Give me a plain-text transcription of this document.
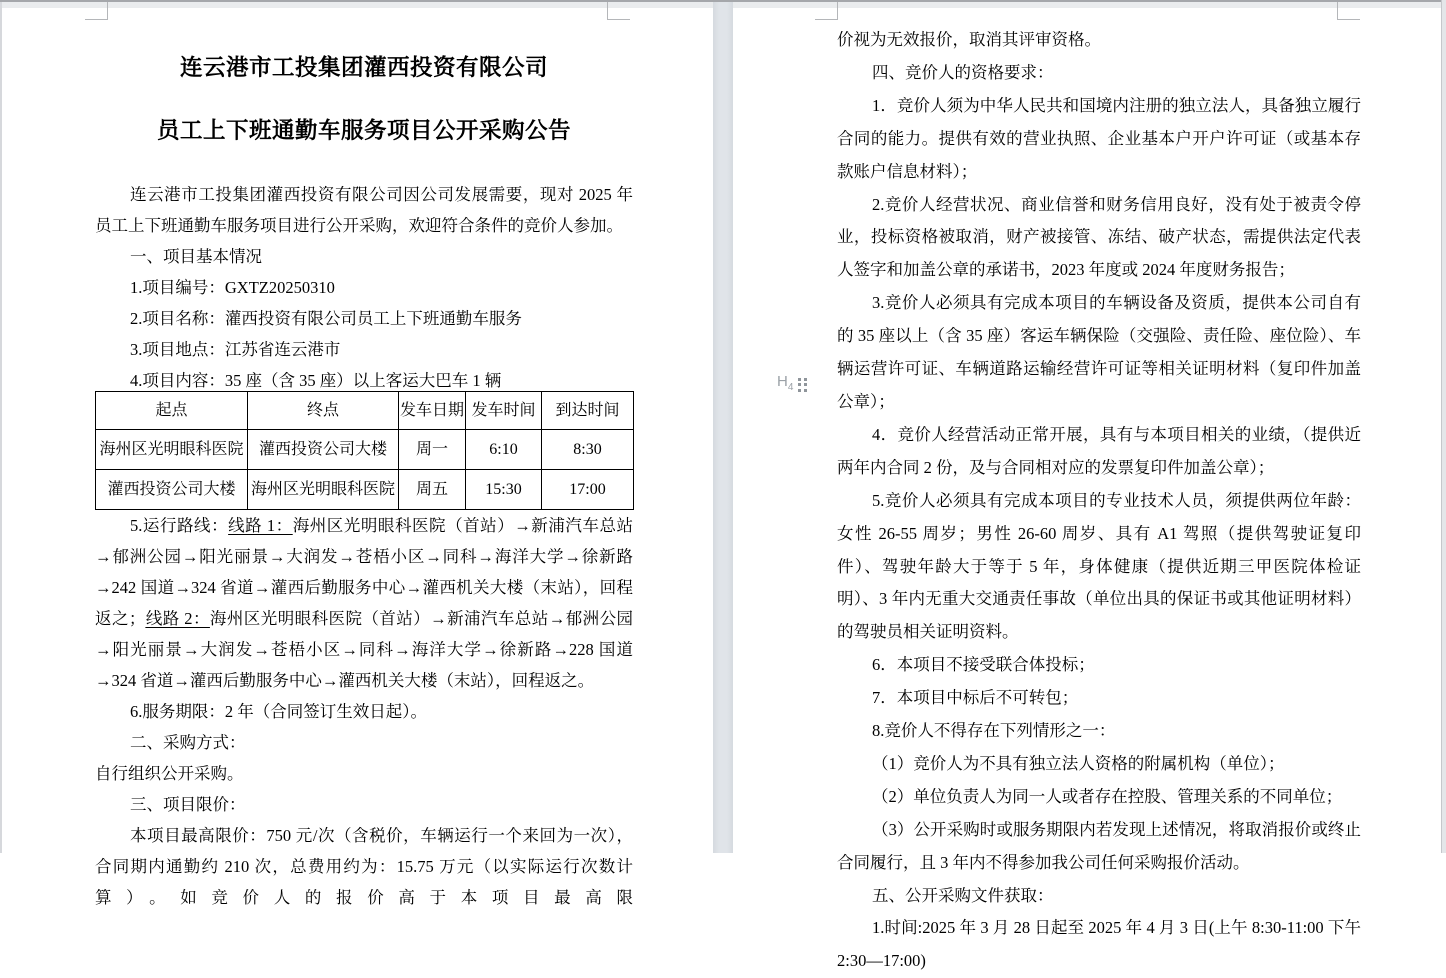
连云港市工投集团灌西投资有限公司
员工上下班通勤车服务项目公开采购公告

连云港市工投集团灌西投资有限公司因公司发展需要，现对 2025 年员工上下班通勤车服务项目进行公开采购，欢迎符合条件的竞价人参加。

一、项目基本情况

1.项目编号：GXTZ20250310

2.项目名称：灌西投资有限公司员工上下班通勤车服务

3.项目地点：江苏省连云港市

4.项目内容：35 座（含 35 座）以上客运大巴车 1 辆

起点	终点	发车日期	发车时间	到达时间
海州区光明眼科医院	灌西投资公司大楼	周一	6:10	8:30
灌西投资公司大楼	海州区光明眼科医院	周五	15:30	17:00

5.运行路线：线路 1：海州区光明眼科医院（首站）→新浦汽车总站→郁洲公园→阳光丽景→大润发→苍梧小区→同科→海洋大学→徐新路→242 国道→324 省道→灌西后勤服务中心→灌西机关大楼（末站），回程返之；线路 2：海州区光明眼科医院（首站）→新浦汽车总站→郁洲公园→阳光丽景→大润发→苍梧小区→同科→海洋大学→徐新路→228 国道→324 省道→灌西后勤服务中心→灌西机关大楼（末站），回程返之。

6.服务期限：2 年（合同签订生效日起）。

二、采购方式：

自行组织公开采购。

三、项目限价：

本项目最高限价：750 元/次（含税价，车辆运行一个来回为一次），合同期内通勤约 210 次，总费用约为：15.75 万元（以实际运行次数计算）。如竞价人的报价高于本项目最高限

价视为无效报价，取消其评审资格。

四、竞价人的资格要求：

1．竞价人须为中华人民共和国境内注册的独立法人，具备独立履行合同的能力。提供有效的营业执照、企业基本户开户许可证（或基本存款账户信息材料）；

2.竞价人经营状况、商业信誉和财务信用良好，没有处于被责令停业，投标资格被取消，财产被接管、冻结、破产状态，需提供法定代表人签字和加盖公章的承诺书，2023 年度或 2024 年度财务报告；

3.竞价人必须具有完成本项目的车辆设备及资质，提供本公司自有的 35 座以上（含 35 座）客运车辆保险（交强险、责任险、座位险）、车辆运营许可证、车辆道路运输经营许可证等相关证明材料（复印件加盖公章）；

4．竞价人经营活动正常开展，具有与本项目相关的业绩，（提供近两年内合同 2 份，及与合同相对应的发票复印件加盖公章）；

5.竞价人必须具有完成本项目的专业技术人员，须提供两位年龄：女性 26-55 周岁；男性 26-60 周岁、具有 A1 驾照（提供驾驶证复印件）、驾驶年龄大于等于 5 年，身体健康（提供近期三甲医院体检证明）、3 年内无重大交通责任事故（单位出具的保证书或其他证明材料）的驾驶员相关证明资料。

6．本项目不接受联合体投标；

7．本项目中标后不可转包；

8.竞价人不得存在下列情形之一：

（1）竞价人为不具有独立法人资格的附属机构（单位）；

（2）单位负责人为同一人或者存在控股、管理关系的不同单位；

（3）公开采购时或服务期限内若发现上述情况，将取消报价或终止合同履行，且 3 年内不得参加我公司任何采购报价活动。

五、公开采购文件获取：

1.时间:2025 年 3 月 28 日起至 2025 年 4 月 3 日(上午 8:30-11:00 下午 2:30—17:00)

$H_4$
